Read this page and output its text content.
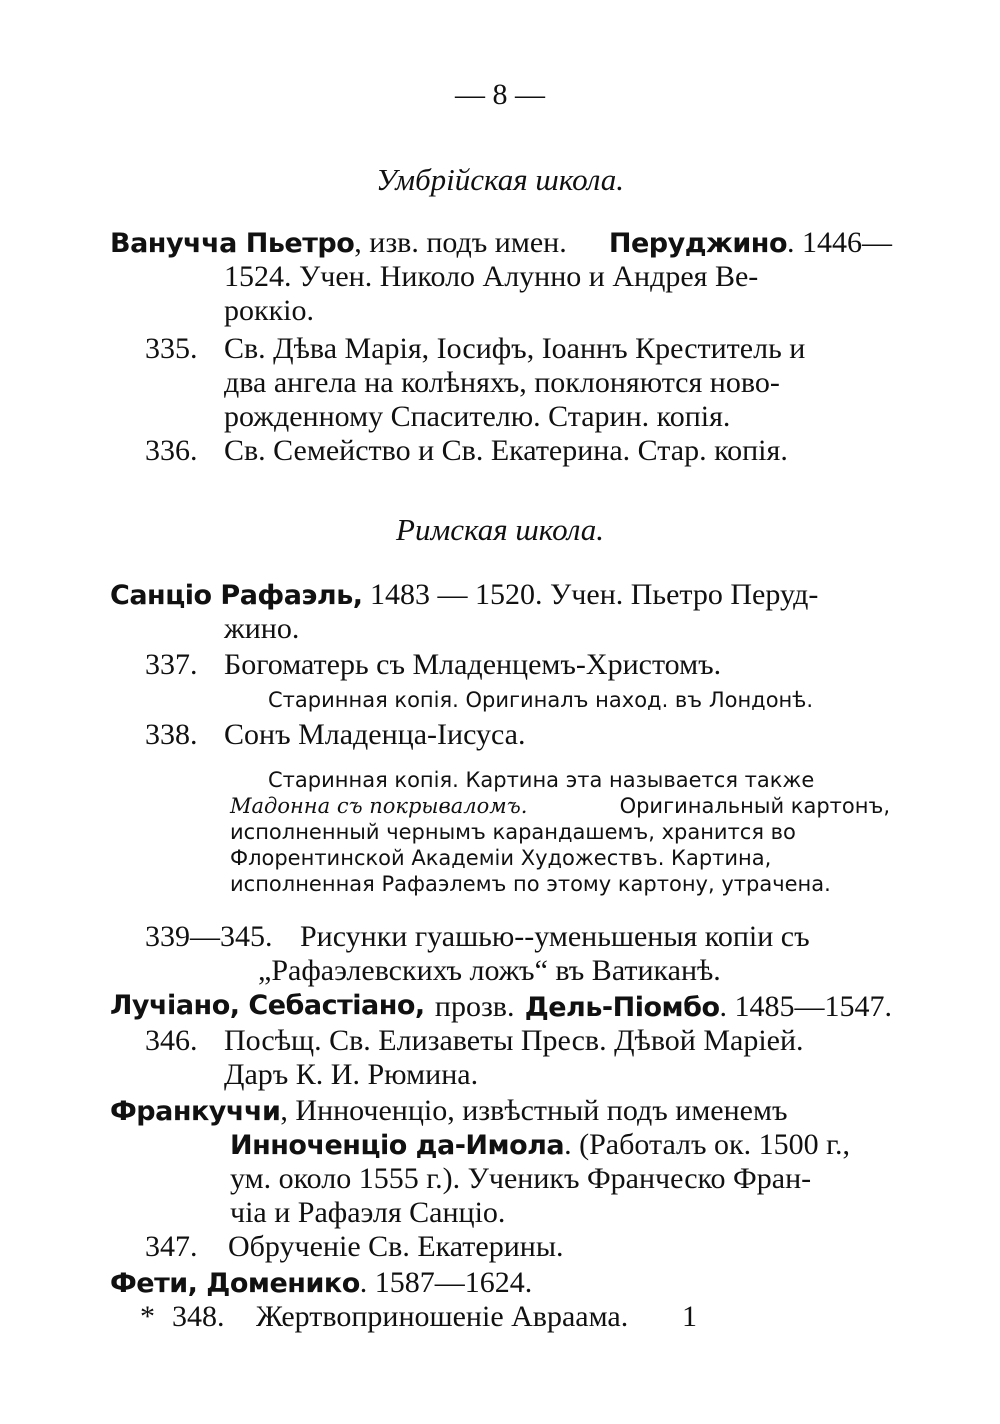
— 8 —
Умбрійская школа.
Ванучча Пьетро, изв. подъ имен. Перуджино. 1446—
1524. Учен. Николо Алунно и Андрея Ве-
роккіо.
335. Св. Дѣва Марія, Іосифъ, Іоаннъ Креститель и
два ангела на колѣняхъ, поклоняются ново-
рожденному Спасителю. Старин. копія.
336. Св. Семейство и Св. Екатерина. Стар. копія.
Римская школа.
Санціо Рафаэль, 1483 — 1520. Учен. Пьетро Перуд-
жино.
337. Богоматерь съ Младенцемъ-Христомъ.
Старинная копія. Оригиналъ наход. въ Лондонѣ.
338. Сонъ Младенца-Іисуса.
Старинная копія. Картина эта называется также
Мадонна съ покрываломъ.	Оригинальный картонъ,
исполненный чернымъ карандашемъ, хранится во
Флорентинской Академіи Художествъ. Картина,
исполненная Рафаэлемъ по этому картону, утрачена.
339—345. Рисунки гуашью--уменьшеныя копіи съ
„Рафаэлевскихъ ложъ“ въ Ватиканѣ.
Лучіано, Себастіано, прозв. Дель-Піомбо. 1485—1547.
346. Посѣщ. Св. Елизаветы Пресв. Дѣвой Маріей.
Даръ К. И. Рюмина.
Франкуччи, Инноченціо, извѣстный подъ именемъ
Инноченціо да-Имола. (Работалъ ок. 1500 г.,
ум. около 1555 г.). Ученикъ Франческо Фран-
чіа и Рафаэля Санціо.
347. Обрученіе Св. Екатерины.
Фети, Доменико. 1587—1624.
* 348. Жертвоприношеніе Авраама. 1
